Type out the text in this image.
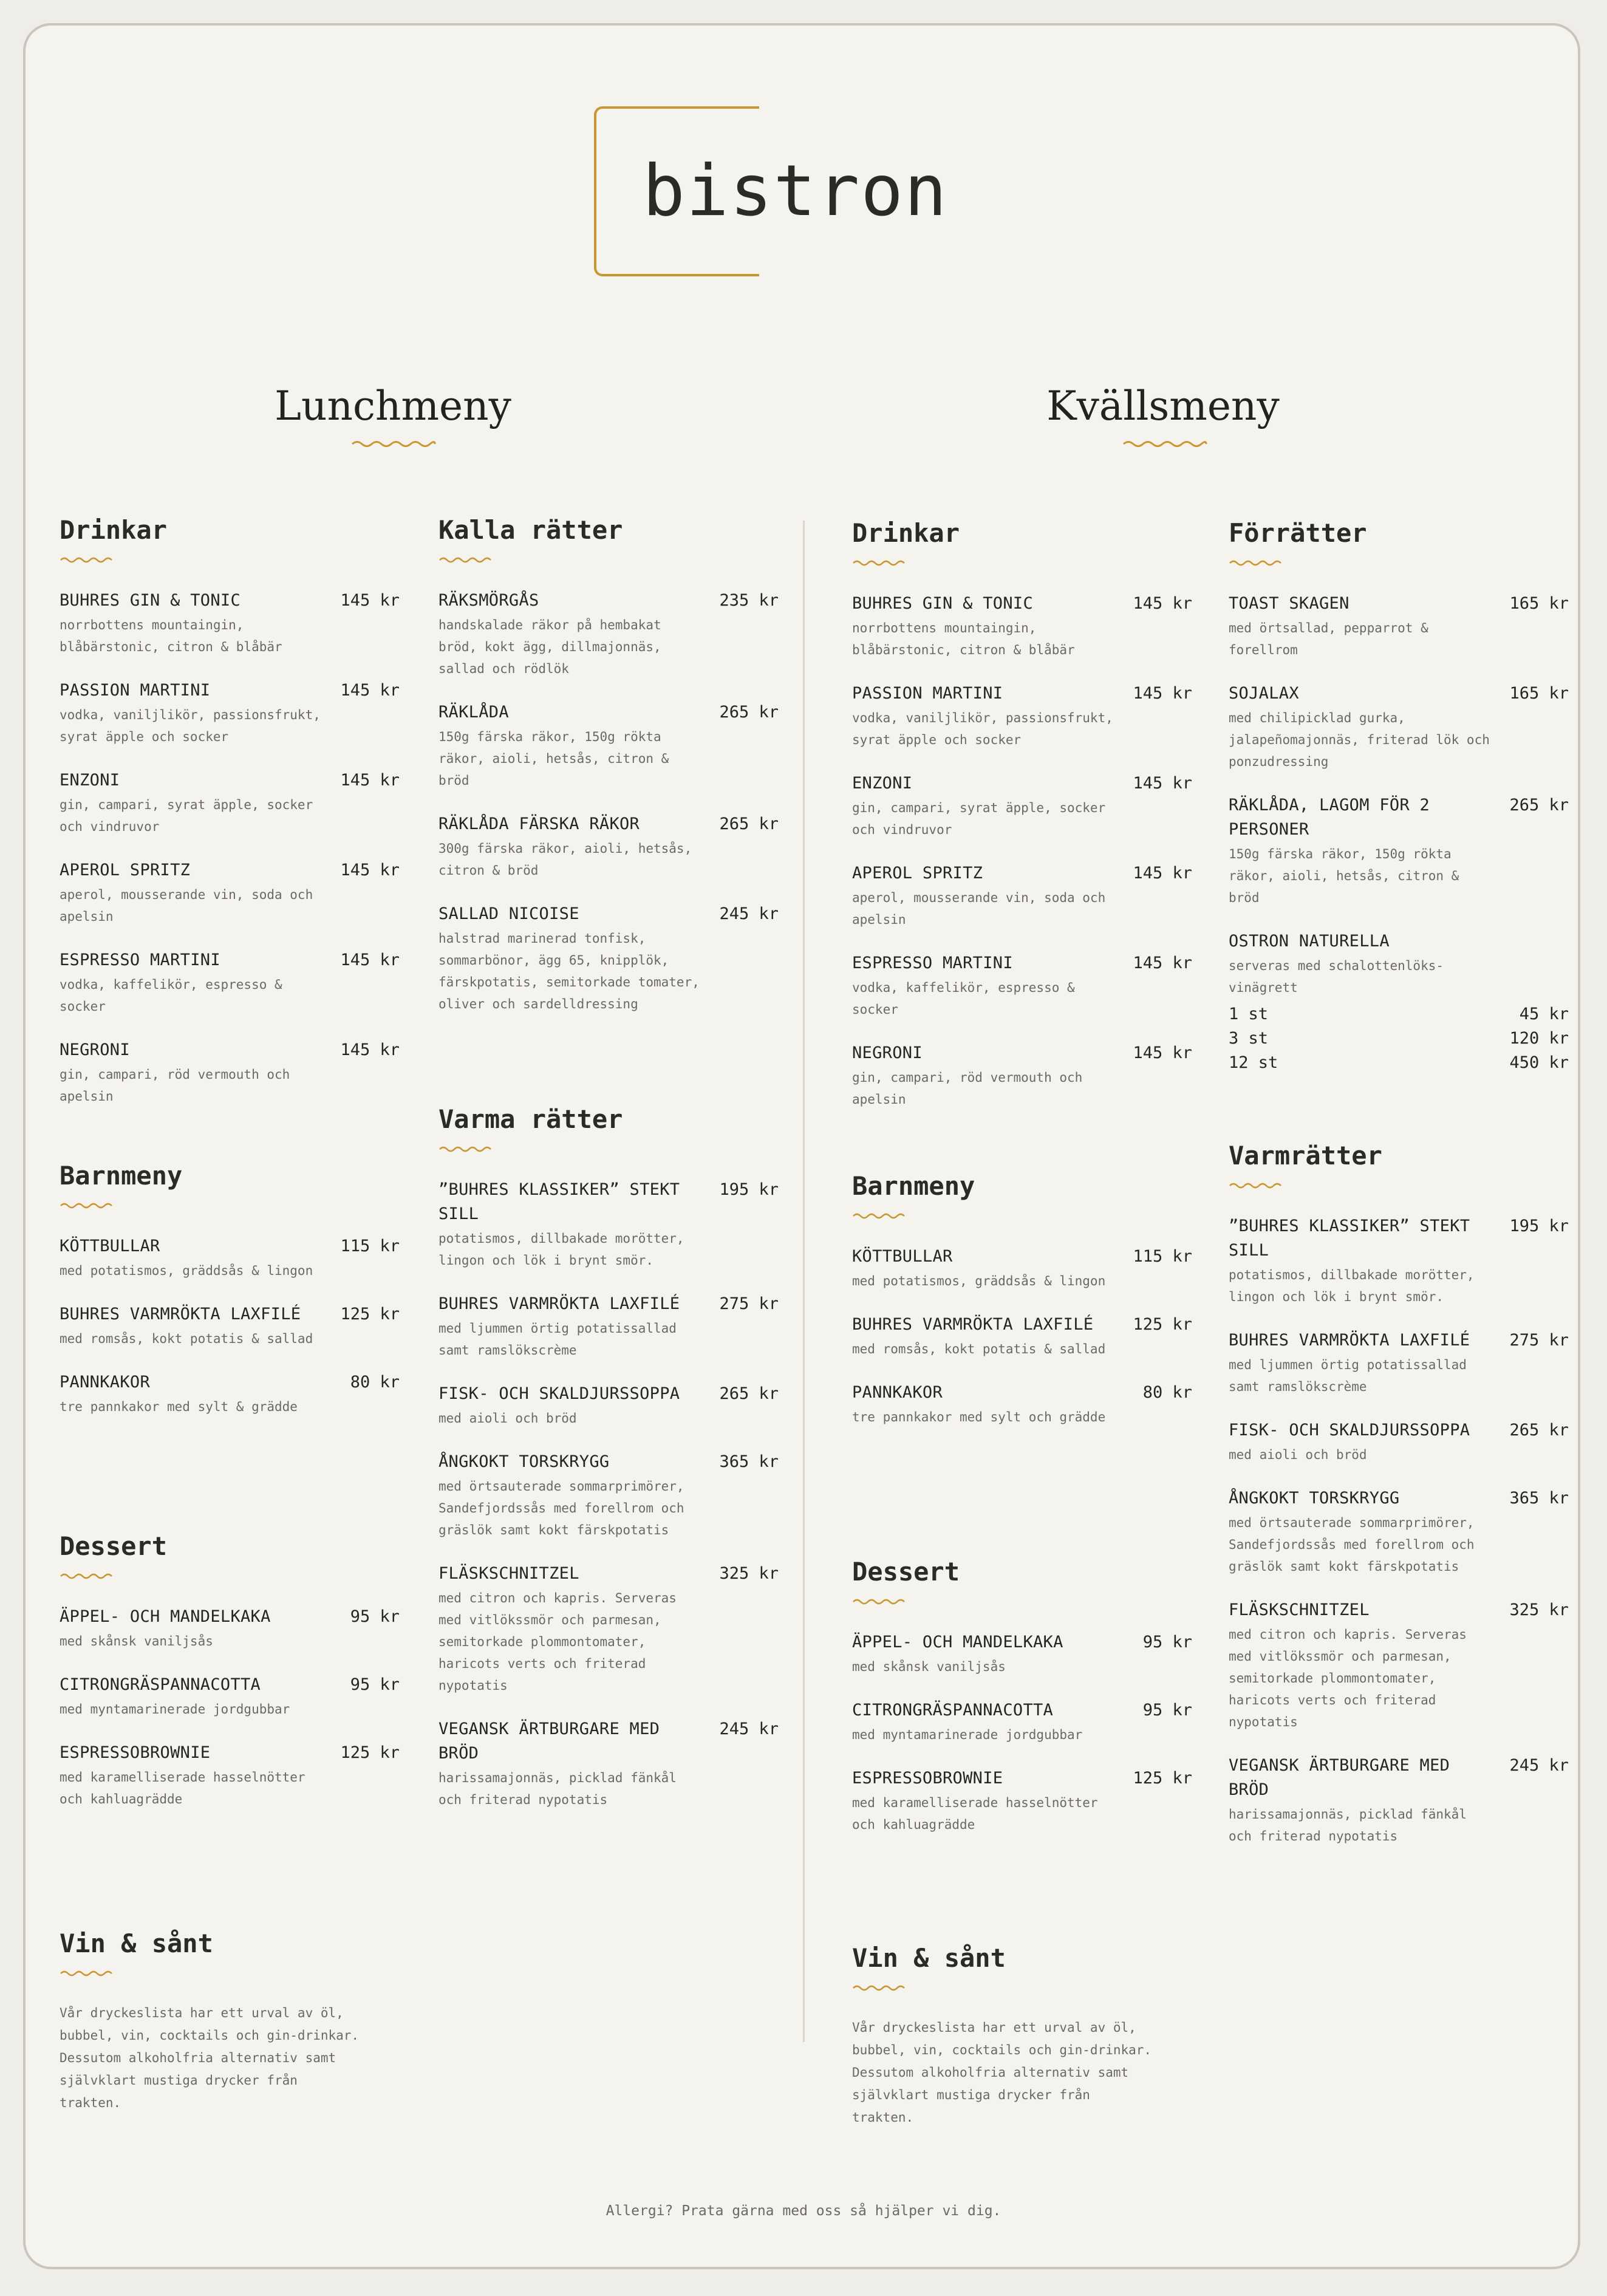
bistron
Lunchmeny	Kvällsmeny
Drinkar
BUHRES GIN & TONIC	145 kr
norrbottens mountaingin, blåbärstonic, citron & blåbär
PASSION MARTINI	145 kr
vodka, vaniljlikör, passionsfrukt, syrat äpple och socker
ENZONI	145 kr
gin, campari, syrat äpple, socker och vindruvor
APEROL SPRITZ	145 kr
aperol, mousserande vin, soda och apelsin
ESPRESSO MARTINI	145 kr
vodka, kaffelikör, espresso & socker
NEGRONI	145 kr
gin, campari, röd vermouth och apelsin
Barnmeny
KÖTTBULLAR	115 kr
med potatismos, gräddsås & lingon
BUHRES VARMRÖKTA LAXFILÉ 125 kr
med romsås, kokt potatis & sallad
PANNKAKOR	80 kr
tre pannkakor med sylt & grädde
Dessert
ÄPPEL- OCH MANDELKAKA	95 kr
med skånsk vaniljsås
CITRONGRÄSPANNACOTTA	95 kr
med myntamarinerade jordgubbar
ESPRESSOBROWNIE	125 kr
med karamelliserade hasselnötter och kahluagrädde
Vin & sånt

Vår dryckeslista har ett urval av öl, bubbel, vin, cocktails och gin-drinkar. Dessutom alkoholfria alternativ samt självklart mustiga drycker från trakten.

Kalla rätter
RÄKSMÖRGÅS	235 kr
handskalade räkor på hembakat bröd, kokt ägg, dillmajonnäs, sallad och rödlök
RÄKLÅDA	265 kr
150g färska räkor, 150g rökta räkor, aioli, hetsås, citron & bröd
RÄKLÅDA FÄRSKA RÄKOR	265 kr
300g färska räkor, aioli, hetsås, citron & bröd
SALLAD NICOISE	245 kr
halstrad marinerad tonfisk, sommarbönor, ägg 65, knipplök, färskpotatis, semitorkade tomater, oliver och sardelldressing
Varma rätter
”BUHRES KLASSIKER” STEKT SILL
195 kr
potatismos, dillbakade morötter, lingon och lök i brynt smör.
BUHRES VARMRÖKTA LAXFILÉ 275 kr
med ljummen örtig potatissallad samt ramslökscrème
FISK- OCH SKALDJURSSOPPA 265 kr
med aioli och bröd
ÅNGKOKT TORSKRYGG	365 kr
med örtsauterade sommarprimörer, Sandefjordssås med forellrom och gräslök samt kokt färskpotatis
FLÄSKSCHNITZEL	325 kr
med citron och kapris. Serveras med vitlökssmör och parmesan, semitorkade plommontomater, haricots verts och friterad nypotatis
VEGANSK ÄRTBURGARE MED BRÖD
245 kr
harissamajonnäs, picklad fänkål och friterad nypotatis
Drinkar
BUHRES GIN & TONIC	145 kr
norrbottens mountaingin, blåbärstonic, citron & blåbär
PASSION MARTINI	145 kr
vodka, vaniljlikör, passionsfrukt, syrat äpple och socker
ENZONI	145 kr
gin, campari, syrat äpple, socker och vindruvor
APEROL SPRITZ	145 kr
aperol, mousserande vin, soda och apelsin
ESPRESSO MARTINI	145 kr
vodka, kaffelikör, espresso & socker
NEGRONI	145 kr
gin, campari, röd vermouth och apelsin
Barnmeny
KÖTTBULLAR	115 kr
med potatismos, gräddsås & lingon
BUHRES VARMRÖKTA LAXFILÉ 125 kr
med romsås, kokt potatis & sallad
PANNKAKOR	80 kr
tre pannkakor med sylt och grädde
Dessert
ÄPPEL- OCH MANDELKAKA	95 kr
med skånsk vaniljsås
CITRONGRÄSPANNACOTTA	95 kr
med myntamarinerade jordgubbar
ESPRESSOBROWNIE	125 kr
med karamelliserade hasselnötter och kahluagrädde
Vin & sånt

Vår dryckeslista har ett urval av öl, bubbel, vin, cocktails och gin-drinkar. Dessutom alkoholfria alternativ samt självklart mustiga drycker från trakten.

Förrätter
TOAST SKAGEN	165 kr
med örtsallad, pepparrot & forellrom
SOJALAX	165 kr
med chilipicklad gurka, jalapeñomajonnäs, friterad lök och ponzudressing
RÄKLÅDA, LAGOM FÖR 2 PERSONER
265 kr
150g färska räkor, 150g rökta räkor, aioli, hetsås, citron & bröd
OSTRON NATURELLA
serveras med schalottenlöks-vinägrett
1 st	45 kr
3 st	120 kr
12 st	450 kr
Varmrätter
”BUHRES KLASSIKER” STEKT SILL
195 kr
potatismos, dillbakade morötter, lingon och lök i brynt smör.
BUHRES VARMRÖKTA LAXFILÉ 275 kr
med ljummen örtig potatissallad samt ramslökscrème
FISK- OCH SKALDJURSSOPPA 265 kr
med aioli och bröd
ÅNGKOKT TORSKRYGG	365 kr
med örtsauterade sommarprimörer, Sandefjordssås med forellrom och gräslök samt kokt färskpotatis
FLÄSKSCHNITZEL	325 kr
med citron och kapris. Serveras med vitlökssmör och parmesan, semitorkade plommontomater, haricots verts och friterad nypotatis
VEGANSK ÄRTBURGARE MED BRÖD
245 kr
harissamajonnäs, picklad fänkål och friterad nypotatis
Allergi? Prata gärna med oss så hjälper vi dig.
